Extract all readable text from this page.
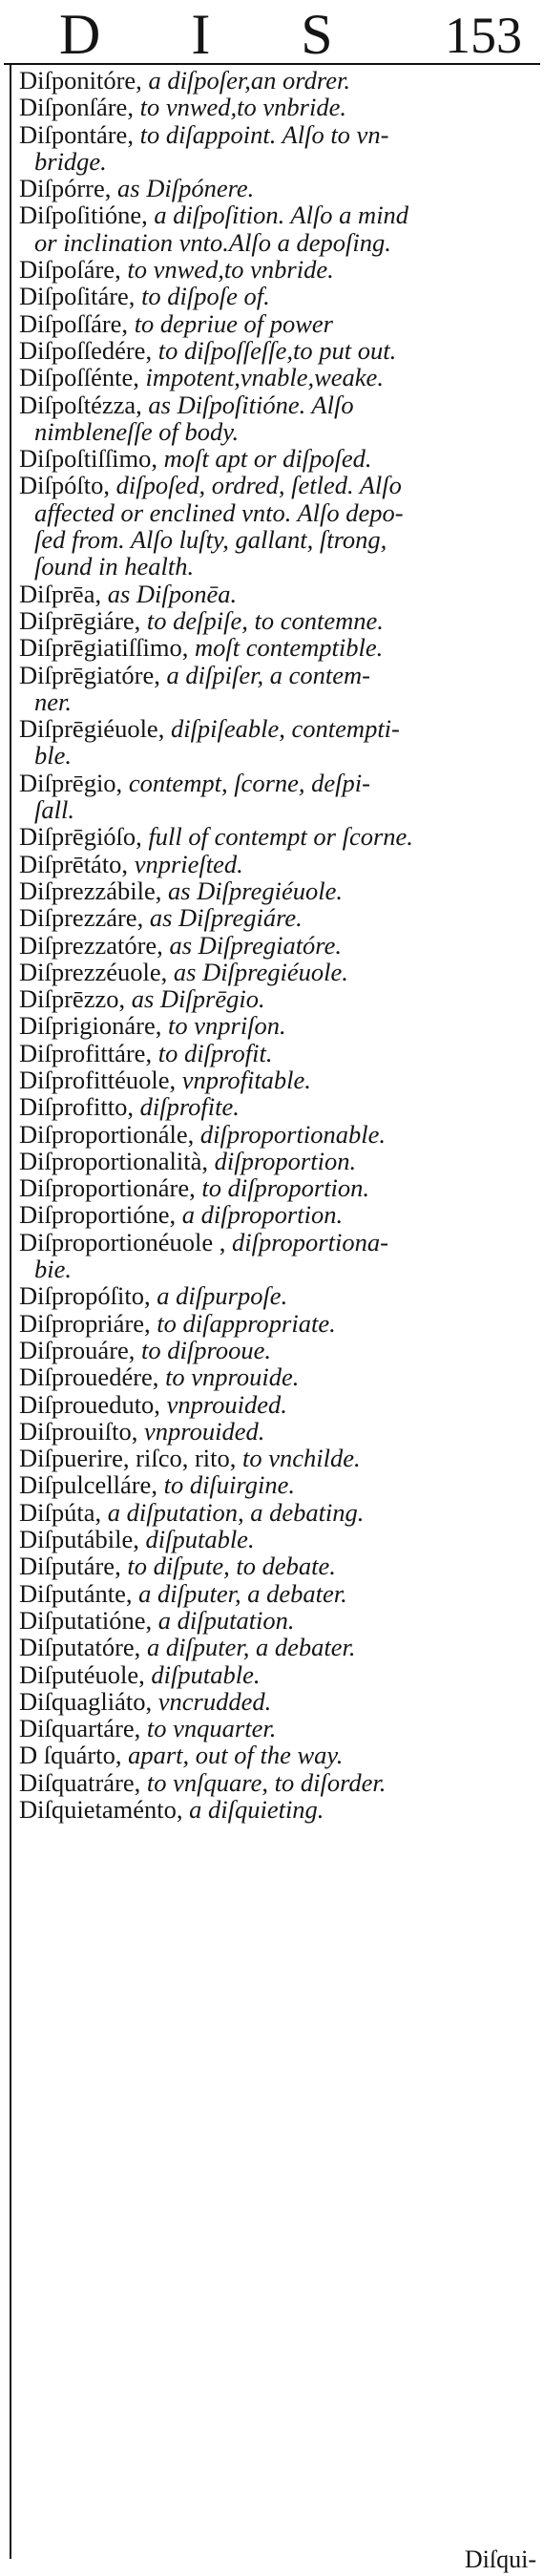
D I S 153
Diſponitóre, a diſpoſer,an ordrer.
Diſponſáre, to vnwed,to vnbride.
Diſpontáre, to diſappoint. Alſo to vn-
bridge.
Diſpórre, as Diſpónere.
Diſpoſitióne, a diſpoſition. Alſo a mind
or inclination vnto.Alſo a depoſing.
Diſpoſáre, to vnwed,to vnbride.
Diſpoſitáre, to diſpoſe of.
Diſpoſſáre, to depriue of power
Diſpoſſedére, to diſpoſſeſſe,to put out.
Diſpoſſénte, impotent,vnable,weake.
Diſpoſtézza, as Diſpoſitióne. Alſo
nimbleneſſe of body.
Diſpoſtiſſimo, moſt apt or diſpoſed.
Diſpóſto, diſpoſed, ordred, ſetled. Alſo
affected or enclined vnto. Alſo depo-
ſed from. Alſo luſty, gallant, ſtrong,
ſound in health.
Diſprēa, as Diſponēa.
Diſprēgiáre, to deſpiſe, to contemne.
Diſprēgiatiſſimo, moſt contemptible.
Diſprēgiatóre, a diſpiſer, a contem-
ner.
Diſprēgiéuole, diſpiſeable, contempti-
ble.
Diſprēgio, contempt, ſcorne, deſpi-
ſall.
Diſprēgióſo, full of contempt or ſcorne.
Diſprētáto, vnprieſted.
Diſprezzábile, as Diſpregiéuole.
Diſprezzáre, as Diſpregiáre.
Diſprezzatóre, as Diſpregiatóre.
Diſprezzéuole, as Diſpregiéuole.
Diſprēzzo, as Diſprēgio.
Diſprigionáre, to vnpriſon.
Diſprofittáre, to diſprofit.
Diſprofittéuole, vnprofitable.
Diſprofitto, diſprofite.
Diſproportionále, diſproportionable.
Diſproportionalità, diſproportion.
Diſproportionáre, to diſproportion.
Diſproportióne, a diſproportion.
Diſproportionéuole , diſproportiona-
bie.
Diſpropóſito, a diſpurpoſe.
Diſpropriáre, to diſappropriate.
Diſprouáre, to diſprooue.
Diſprouedére, to vnprouide.
Diſproueduto, vnprouided.
Diſprouiſto, vnprouided.
Diſpuerire, riſco, rito, to vnchilde.
Diſpulcelláre, to diſuirgine.
Diſpúta, a diſputation, a debating.
Diſputábile, diſputable.
Diſputáre, to diſpute, to debate.
Diſputánte, a diſputer, a debater.
Diſputatióne, a diſputation.
Diſputatóre, a diſputer, a debater.
Diſputéuole, diſputable.
Diſquagliáto, vncrudded.
Diſquartáre, to vnquarter.
D ſquárto, apart, out of the way.
Diſquatráre, to vnſquare, to diſorder.
Diſquietaménto, a diſquieting.
Diſqui-
